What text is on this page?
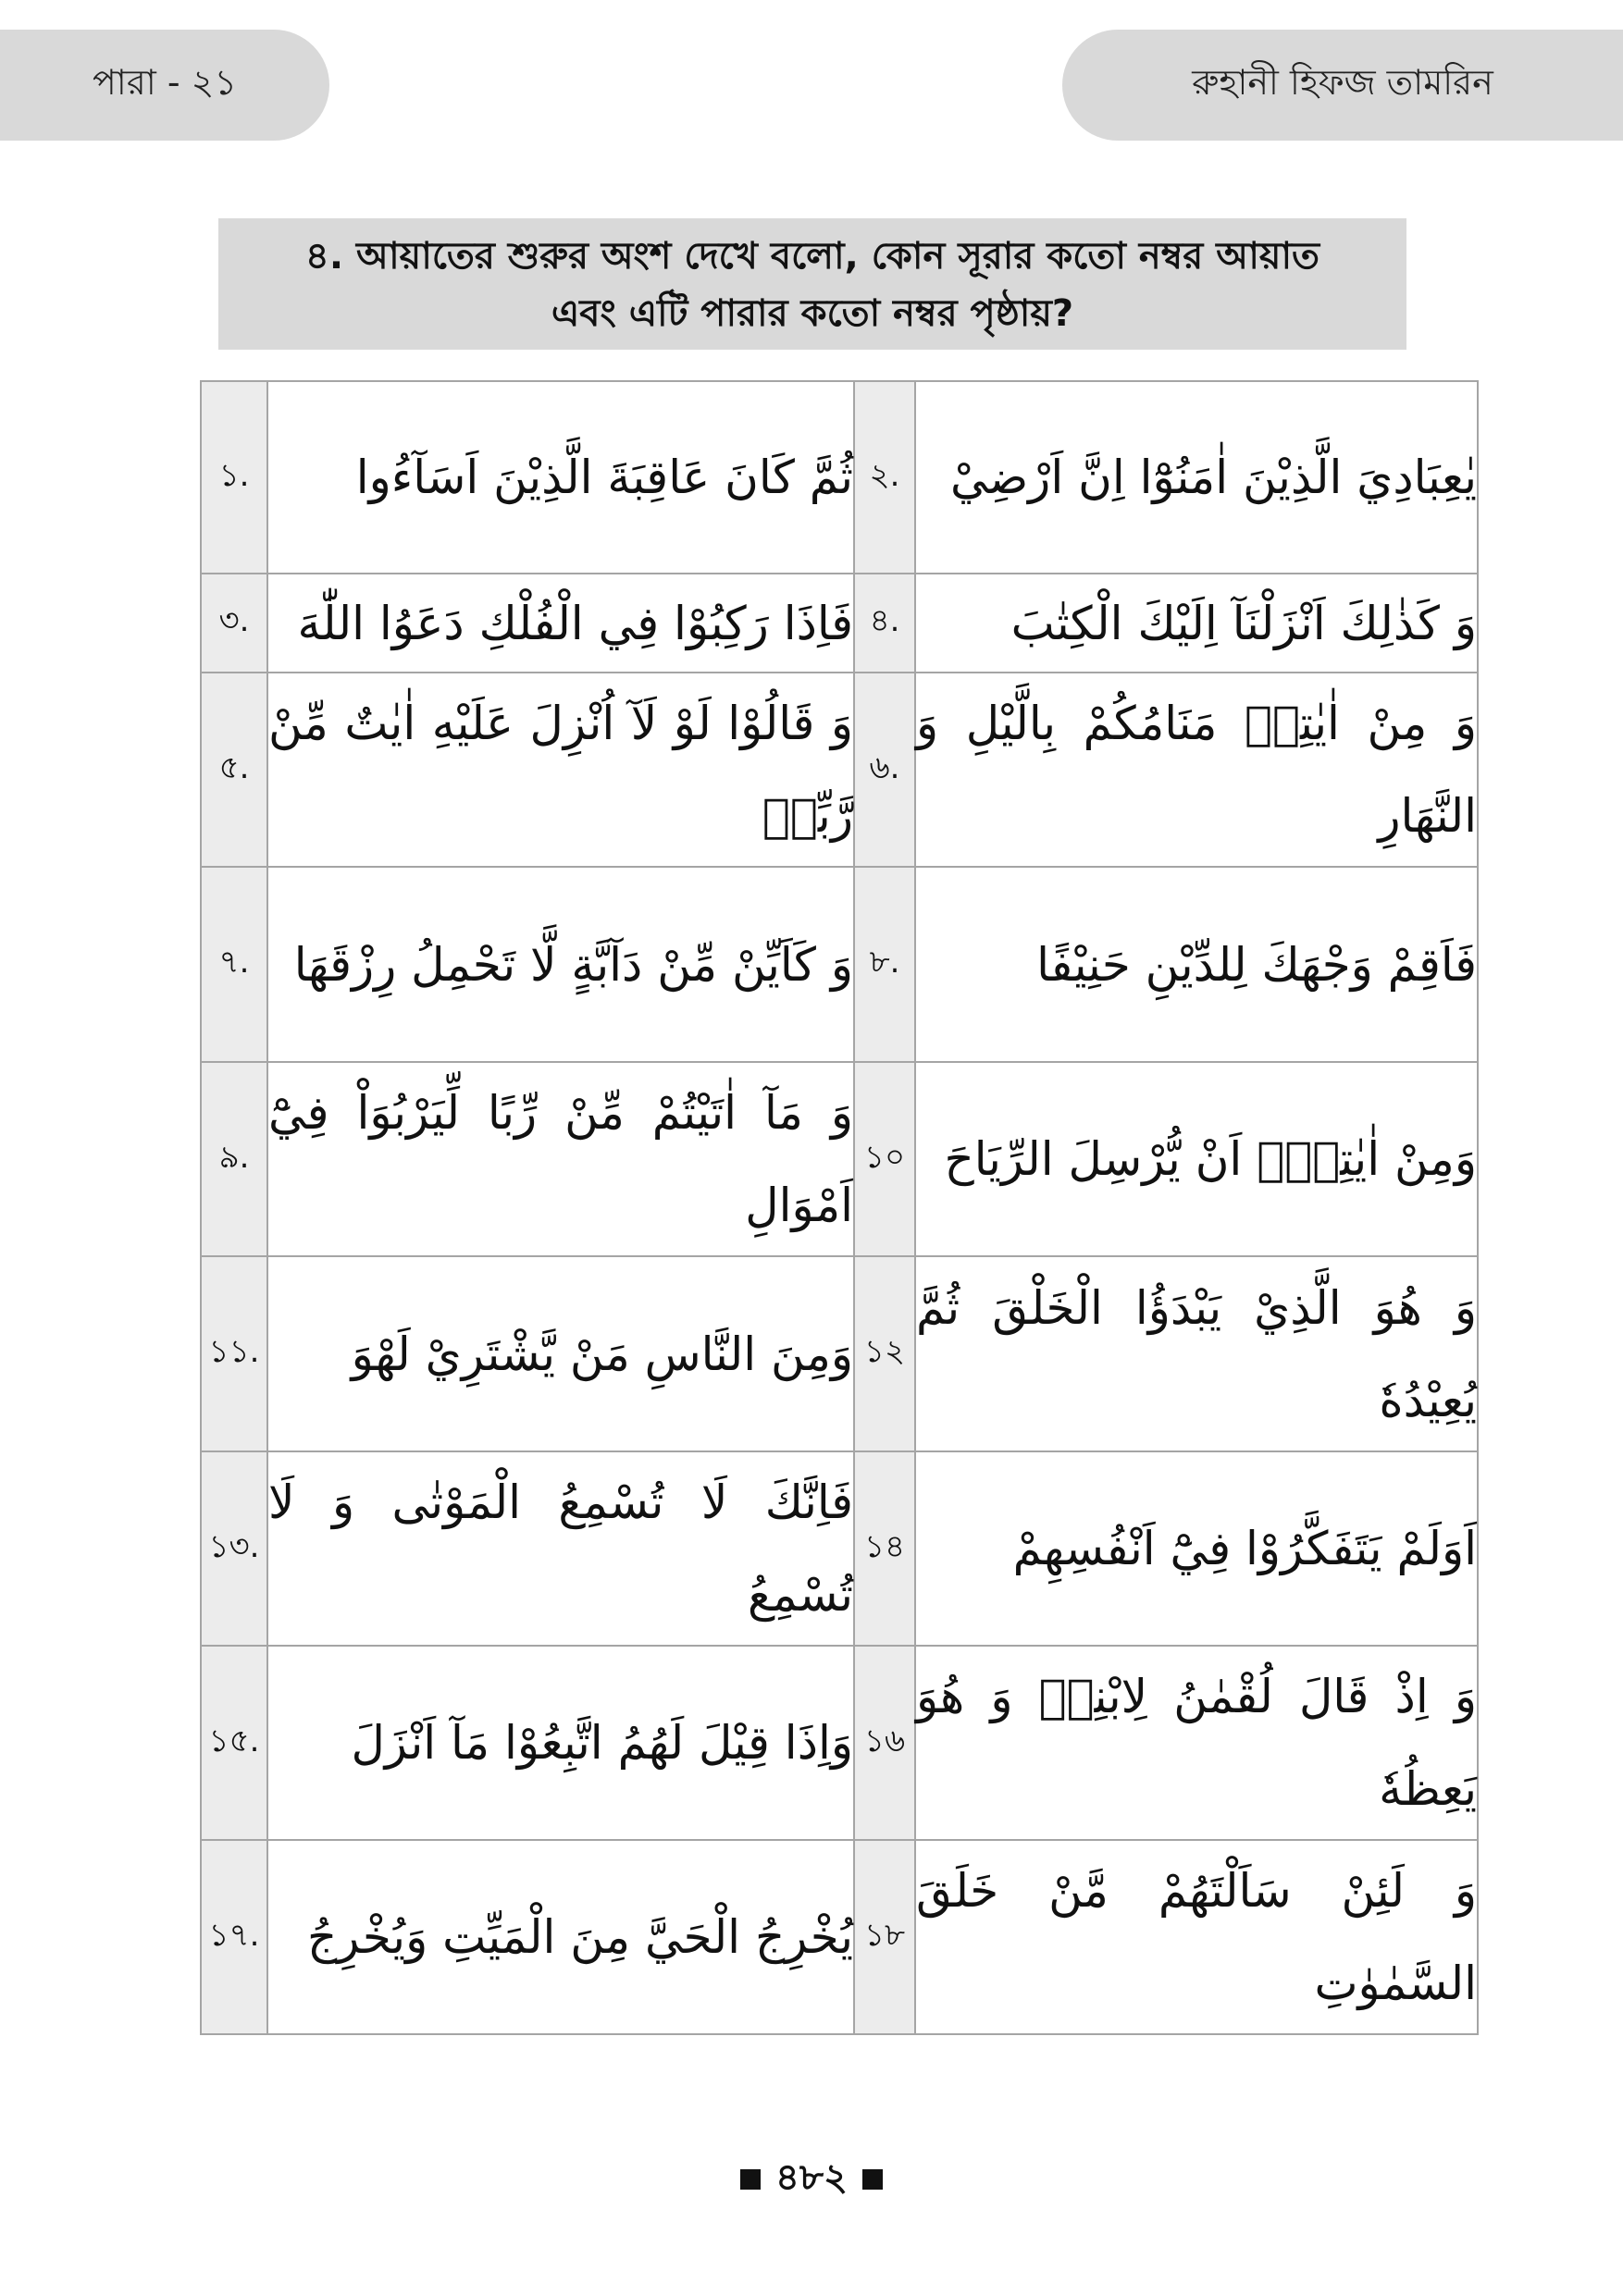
পারা - ২১	রুহানী হিফজ তামরিন
৪. আয়াতের শুরুর অংশ দেখে বলো, কোন সূরার কতো নম্বর আয়াত
এবং এটি পারার কতো নম্বর পৃষ্ঠায়?
১.	ثُمَّ كَانَ عَاقِبَةَ الَّذِيْنَ اَسَآءُوا	২.	يٰعِبَادِيَ الَّذِيْنَ اٰمَنُوْٓا اِنَّ اَرْضِيْ
৩.	فَاِذَا رَكِبُوْا فِي الْفُلْكِ دَعَوُا اللّٰهَ	৪.	وَ كَذٰلِكَ اَنْزَلْنَآ اِلَيْكَ الْكِتٰبَ
৫.	وَ قَالُوْا لَوْ لَآ اُنْزِلَ عَلَيْهِ اٰيٰتٌ مِّنْ رَّبِّهٖ	৬.	وَ مِنْ اٰيٰتِهٖ مَنَامُكُمْ بِالَّيْلِ وَ النَّهَارِ
৭.	وَ كَاَيِّنْ مِّنْ دَآبَّةٍ لَّا تَحْمِلُ رِزْقَهَا	৮.	فَاَقِمْ وَجْهَكَ لِلدِّيْنِ حَنِيْفًا
৯.	وَ مَآ اٰتَيْتُمْ مِّنْ رِّبًا لِّيَرْبُوَاْ فِيْٓ اَمْوَالِ	১০	وَمِنْ اٰيٰتِهٖٓ اَنْ يُّرْسِلَ الرِّيَاحَ
১১.	وَمِنَ النَّاسِ مَنْ يَّشْتَرِيْ لَهْوَ	১২	وَ هُوَ الَّذِيْ يَبْدَؤُا الْخَلْقَ ثُمَّ يُعِيْدُهٗ
১৩.	فَاِنَّكَ لَا تُسْمِعُ الْمَوْتٰى وَ لَا تُسْمِعُ	১৪	اَوَلَمْ يَتَفَكَّرُوْا فِيْٓ اَنْفُسِهِمْ
১৫.	وَاِذَا قِيْلَ لَهُمُ اتَّبِعُوْا مَآ اَنْزَلَ	১৬	وَ اِذْ قَالَ لُقْمٰنُ لِابْنِهٖ وَ هُوَ يَعِظُهٗ
১৭.	يُخْرِجُ الْحَيَّ مِنَ الْمَيِّتِ وَيُخْرِجُ	১৮	وَ لَئِنْ سَاَلْتَهُمْ مَّنْ خَلَقَ السَّمٰوٰتِ
৪৮২
